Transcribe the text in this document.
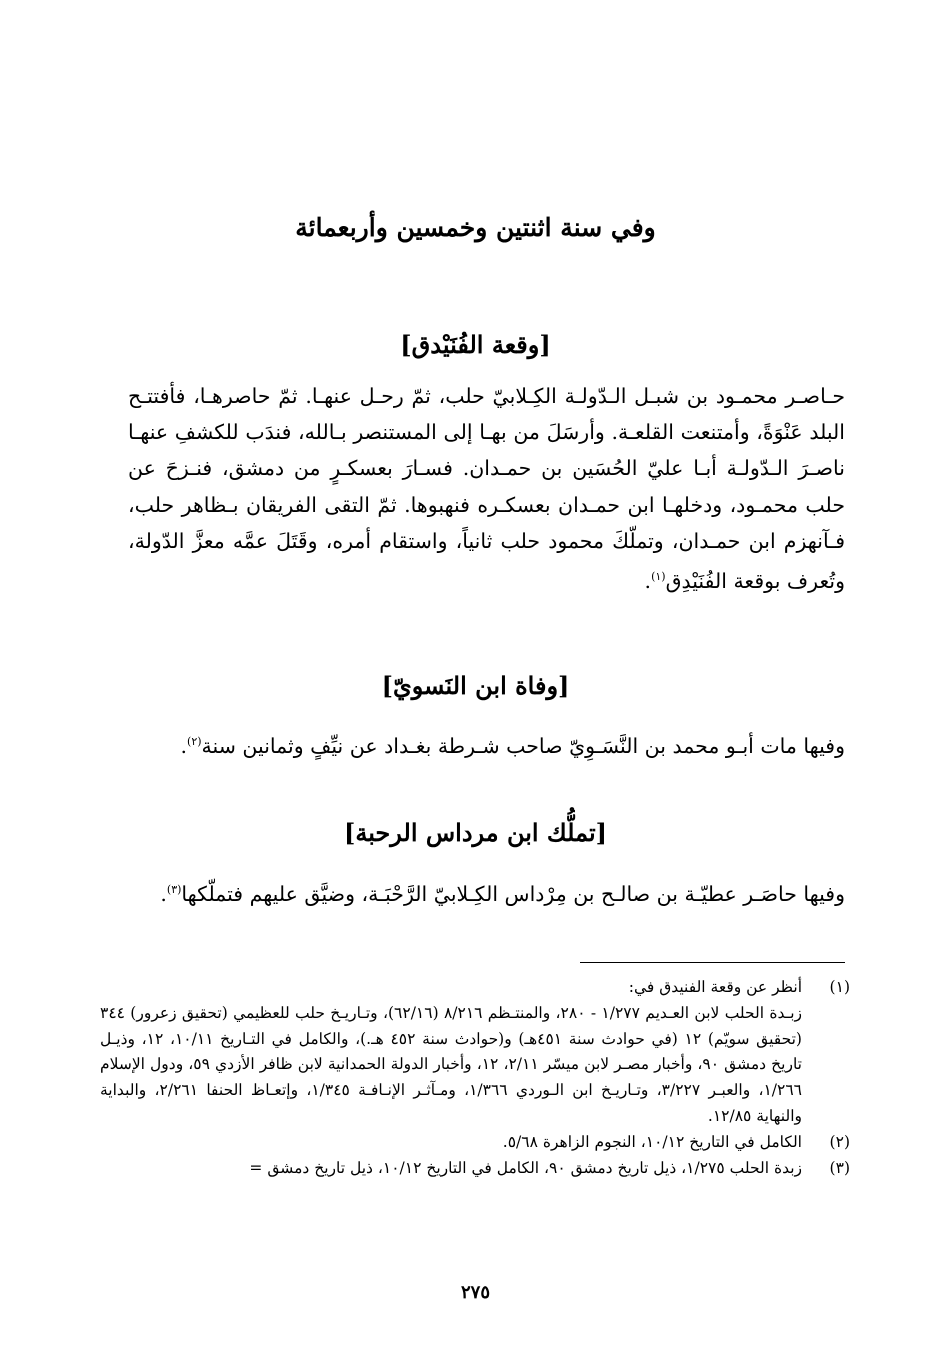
وفي سنة اثنتين وخمسين وأربعمائة
[وقعة الفُنَيْدق]
حـاصـر محمـود بن شبـل الـدّولـة الكِـلابيّ حلب، ثمّ رحـل عنهـا. ثمّ حاصرهـا، فأفتتـح البلد عَنْوَةً، وأمتنعت القلعـة. وأرسَلَ من بهـا إلى المستنصر بـالله، فندَب للكشفِ عنهـا ناصـرَ الـدّولـة أبـا عليّ الحُسَين بن حمـدان. فسـارَ بعسكـرٍ من دمشق، فنـزحَ عن حلب محمـود، ودخلهـا ابن حمـدان بعسكـره فنهبوها. ثمّ التقى الفريقان بـظاهر حلب، فـآنهزم ابن حمـدان، وتملّكَ محمود حلب ثانياً، واستقام أمره، وقَتَلَ عمَّه معزَّ الدّولة، وتُعرف بوقعة الفُنَيْدِق$^{(١)}$.
[وفاة ابن النَسويّ]
وفيها مات أبـو محمد بن النَّسَـوِيّ صاحب شـرطة بغـداد عن نيِّفٍ وثمانين سنة$^{(٢)}$.
[تملُّك ابن مرداس الرحبة]
وفيها حاصَـر عطيّـة بن صالـح بن مِرْداس الكِـلابيّ الرَّحْبَـة، وضيَّق عليهم فتملّكها$^{(٣)}$.
(١)
أنظر عن وقعة الفنيدق في:
زبـدة الحلب لابن العـديم ١/٢٧٧ - ٢٨٠، والمنتـظم ٨/٢١٦ (٦٢/١٦)، وتـاريـخ حلب للعظيمي (تحقيق زعرور) ٣٤٤ (تحقيق سويّم) ١٢ (في حوادث سنة ٤٥١هـ) و(حوادث سنة ٤٥٢ هـ.)، والكامل في التـاريخ ١٠/١١، ١٢، وذيـل تاريخ دمشق ٩٠، وأخبار مصـر لابن ميسّر ٢/١١، ١٢، وأخبار الدولة الحمدانية لابن ظافر الأزدي ٥٩، ودول الإسلام ١/٢٦٦، والعبـر ٣/٢٢٧، وتـاريـخ ابن الـوردي ١/٣٦٦، ومـآثـر الإنـافـة ١/٣٤٥، وإتعـاظ الحنفا ٢/٢٦١، والبداية والنهاية ١٢/٨٥.
(٢)
الكامل في التاريخ ١٠/١٢، النجوم الزاهرة ٥/٦٨.
(٣)
زبدة الحلب ١/٢٧٥، ذيل تاريخ دمشق ٩٠، الكامل في التاريخ ١٠/١٢، ذيل تاريخ دمشق =
٢٧٥
